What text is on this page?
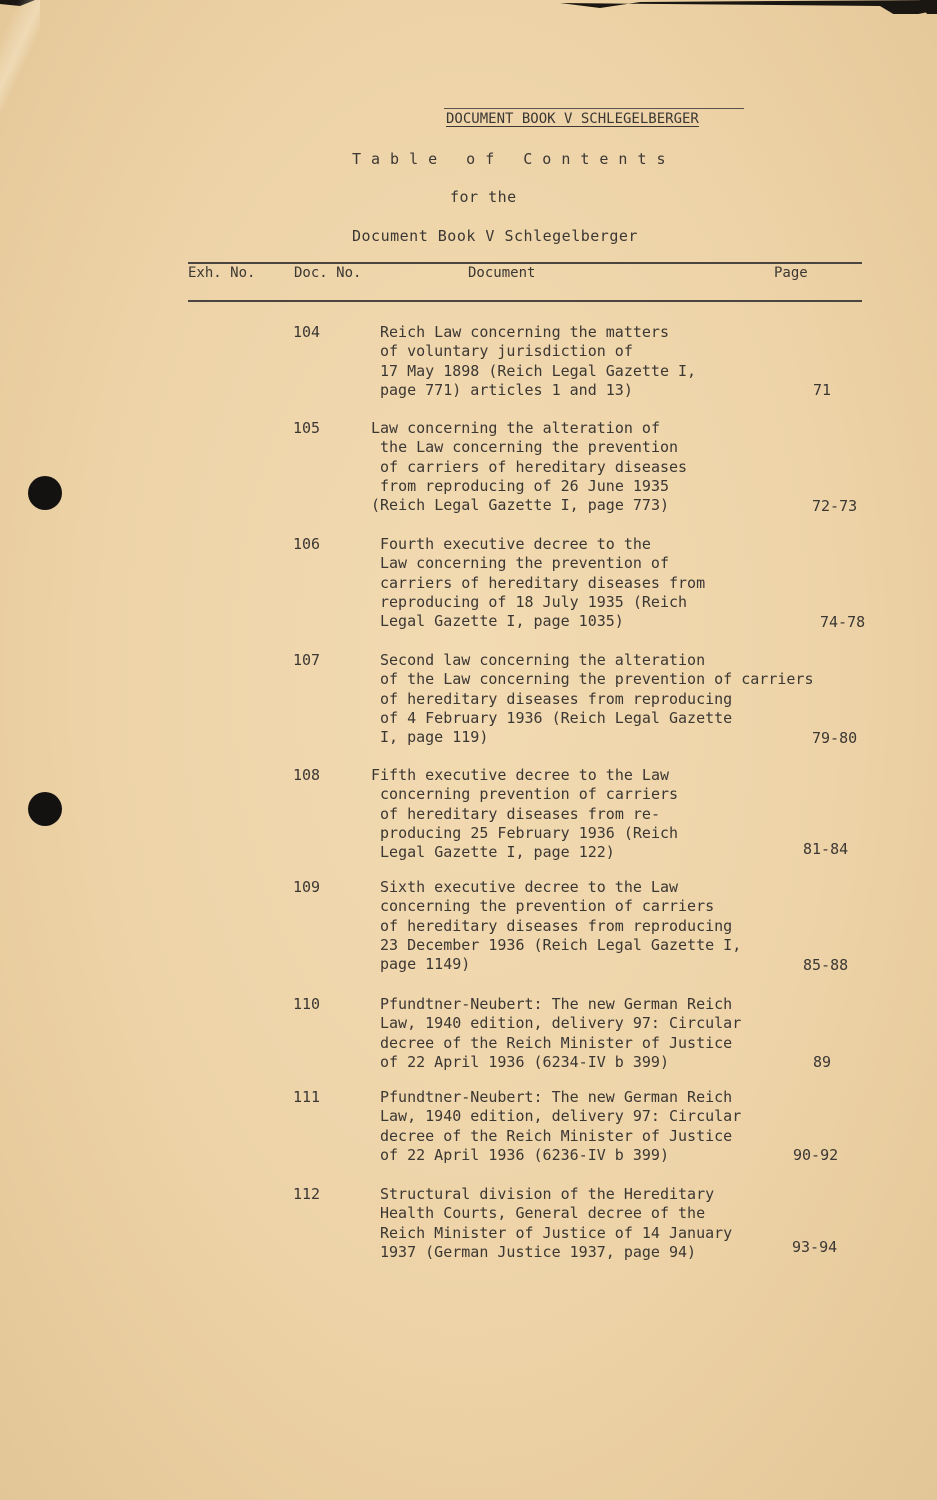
DOCUMENT BOOK V SCHLEGELBERGER
Table of Contents
for the
Document Book V Schlegelberger
Exh. No.	Doc. No.	Document	Page
104	Reich Law concerning the matters
of voluntary jurisdiction of
17 May 1898 (Reich Legal Gazette I,
page 771) articles 1 and 13)	71
105	Law concerning the alteration of
the Law concerning the prevention
of carriers of hereditary diseases
from reproducing of 26 June 1935
(Reich Legal Gazette I, page 773)	72-73
106	Fourth executive decree to the
Law concerning the prevention of
carriers of hereditary diseases from
reproducing of 18 July 1935 (Reich
Legal Gazette I, page 1035)	74-78
107	Second law concerning the alteration
of the Law concerning the prevention of carriers
of hereditary diseases from reproducing
of 4 February 1936 (Reich Legal Gazette
I, page 119)	79-80
108	Fifth executive decree to the Law
concerning prevention of carriers
of hereditary diseases from re-
producing 25 February 1936 (Reich
Legal Gazette I, page 122)	81-84
109	Sixth executive decree to the Law
concerning the prevention of carriers
of hereditary diseases from reproducing
23 December 1936 (Reich Legal Gazette I,
page 1149)	85-88
110	Pfundtner-Neubert: The new German Reich
Law, 1940 edition, delivery 97: Circular
decree of the Reich Minister of Justice
of 22 April 1936 (6234-IV b 399)	89
111	Pfundtner-Neubert: The new German Reich
Law, 1940 edition, delivery 97: Circular
decree of the Reich Minister of Justice
of 22 April 1936 (6236-IV b 399)	90-92
112	Structural division of the Hereditary
Health Courts, General decree of the
Reich Minister of Justice of 14 January
1937 (German Justice 1937, page 94)	93-94
